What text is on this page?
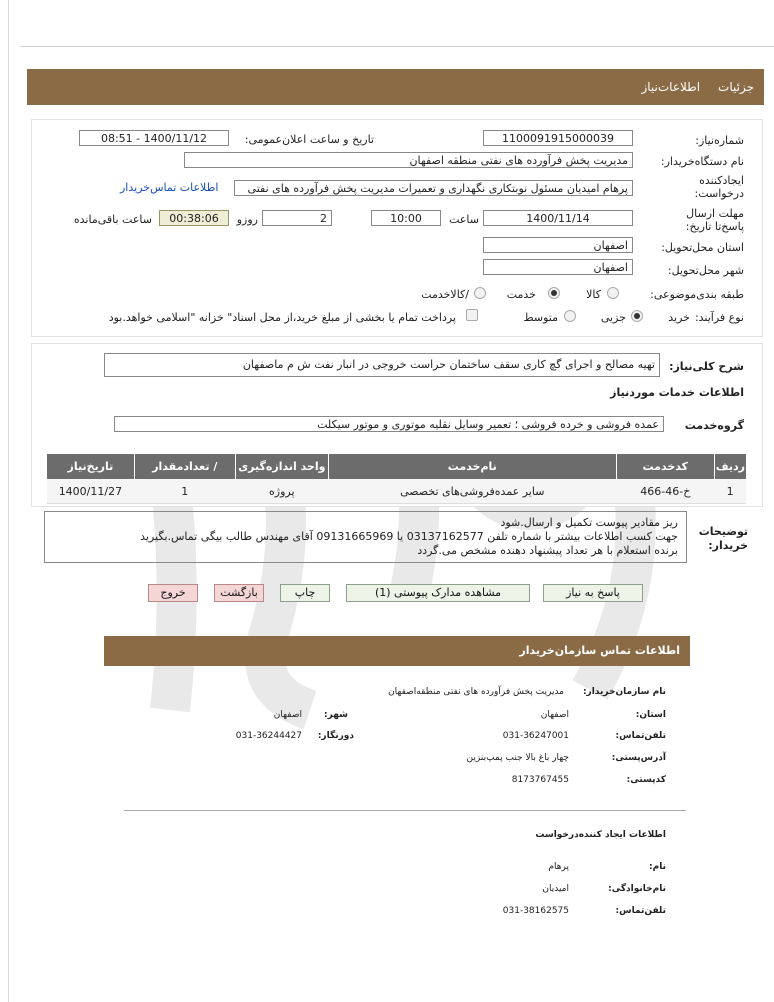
جزئیات
اطلاعات‌نیاز
شماره‌نیاز:
1100091915000039
تاریخ و ساعت اعلان‌عمومی:
1400/11/12 - 08:51
نام دستگاه‌خریدار:
مدیریت پخش فرآورده های نفتی منطقه اصفهان
ایجادکننده درخواست:
پرهام امیدیان مسئول نوبتکاری نگهداری و تعمیرات مدیریت پخش فرآورده های نفتی
اطلاعات تماس‌خریدار
مهلت ارسال پاسخ‌تا تاریخ:
1400/11/14
ساعت
10:00
2
روزو
00:38:06
ساعت باقی‌مانده
استان محل‌تحویل:
اصفهان
شهر محل‌تحویل:
اصفهان
طبقه بندی‌موضوعی:
کالا
خدمت
/کالاخدمت
نوع فرآیند:
خرید
جزیی
متوسط
پرداخت تمام یا بخشی از مبلغ خرید،از محل اسناد" خزانه "اسلامی خواهد.بود
شرح کلی‌نیاز:
تهیه مصالح و اجرای گچ کاری سقف ساختمان حراست خروجی در انبار نفت ش م ماصفهان
اطلاعات خدمات موردنیاز
گروه‌خدمت
عمده فروشی و خرده فروشی ؛ تعمیر وسایل نقلیه موتوری و موتور سیکلت
ردیف	کدخدمت	نام‌خدمت	واحد اندازه‌گیری	/ تعدادمقدار	تاریخ‌نیاز
1	خ-46-466	سایر عمده‌فروشی‌های تخصصی	پروژه	1	1400/11/27
توضیحات خریدار:
ریز مقادیر پیوست تکمیل و ارسال.شود
جهت کسب اطلاعات بیشتر با شماره تلفن 03137162577 یا 09131665969 آقای مهندس طالب بیگی تماس.بگیرید
برنده استعلام با هر تعداد پیشنهاد دهنده مشخص می.گردد
پاسخ به نیاز
مشاهده مدارک پیوستی (1)
چاپ
بازگشت
خروج
اطلاعات تماس سازمان‌خریدار
نام سازمان‌خریدار:
مدیریت پخش فرآورده های نفتی منطقه‌اصفهان
استان:
اصفهان
شهر:
اصفهان
تلفن‌تماس:
031-36247001
دورنگار:
031-36244427
آدرس‌پستی:
چهار باغ بالا جنب پمپ‌بنزین
کد‌پستی:
8173767455
اطلاعات ایجاد کننده‌درخواست
نام:
پرهام
نام‌خانوادگی:
امیدیان
تلفن‌تماس:
031-38162575
